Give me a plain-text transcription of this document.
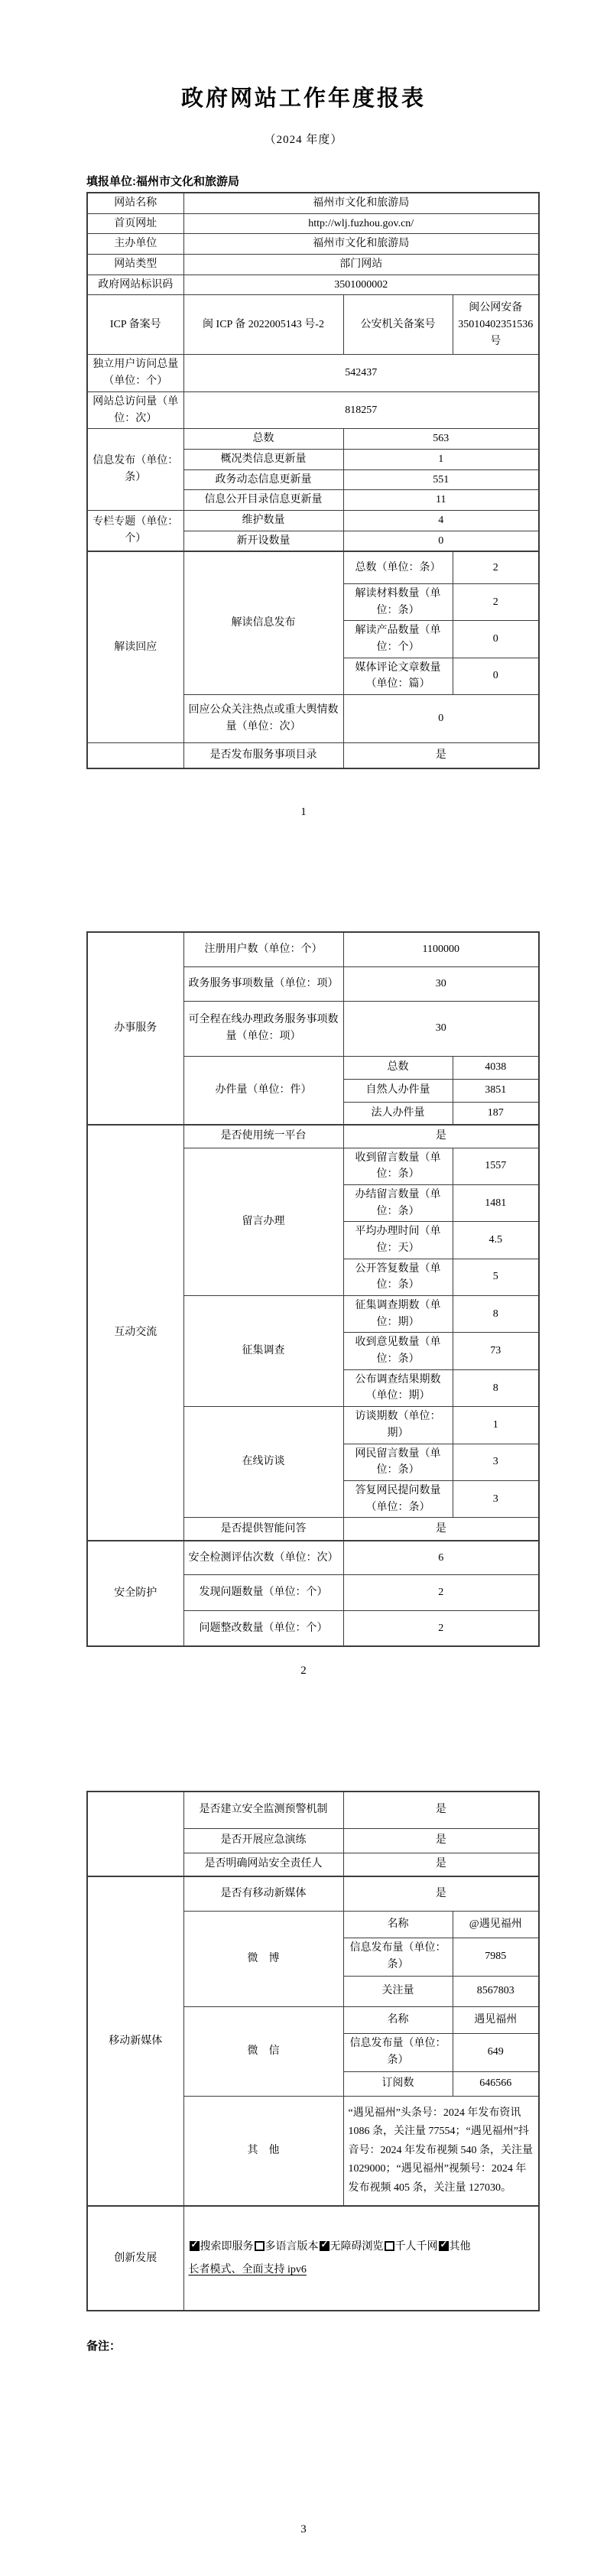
政府网站工作年度报表
（2024 年度）
填报单位:福州市文化和旅游局
网站名称	福州市文化和旅游局		
首页网址	http://wlj.fuzhou.gov.cn/		
主办单位	福州市文化和旅游局		
网站类型	部门网站		
政府网站标识码	3501000002		
ICP 备案号	闽 ICP 备 2022005143 号-2	公安机关备案号	闽公网安备 35010402351536 号
独立用户访问总量（单位：个）	542437		
网站总访问量（单位：次）	818257		
信息发布（单位：条）	总数	563	
	概况类信息更新量	1	
	政务动态信息更新量	551	
	信息公开目录信息更新量	11	
专栏专题（单位：个）	维护数量	4	
	新开设数量	0	
解读回应	解读信息发布	总数（单位：条）	2
		解读材料数量（单位：条）	2
		解读产品数量（单位：个）	0
		媒体评论文章数量（单位：篇）	0
	回应公众关注热点或重大舆情数量（单位：次）	0	
	是否发布服务事项目录	是	
1
办事服务	注册用户数（单位：个）	1100000	
	政务服务事项数量（单位：项）	30	
	可全程在线办理政务服务事项数量（单位：项）	30	
	办件量（单位：件）	总数	4038
		自然人办件量	3851
		法人办件量	187
互动交流	是否使用统一平台	是	
	留言办理	收到留言数量（单位：条）	1557
		办结留言数量（单位：条）	1481
		平均办理时间（单位：天）	4.5
		公开答复数量（单位：条）	5
	征集调查	征集调查期数（单位：期）	8
		收到意见数量（单位：条）	73
		公布调查结果期数（单位：期）	8
	在线访谈	访谈期数（单位：期）	1
		网民留言数量（单位：条）	3
		答复网民提问数量（单位：条）	3
	是否提供智能问答	是	
安全防护	安全检测评估次数（单位：次）	6	
	发现问题数量（单位：个）	2	
	问题整改数量（单位：个）	2	
2
	是否建立安全监测预警机制	是	
	是否开展应急演练	是	
	是否明确网站安全责任人	是	
移动新媒体	是否有移动新媒体	是	
	微　博	名称	@遇见福州
		信息发布量（单位：条）	7985
		关注量	8567803
	微　信	名称	遇见福州
		信息发布量（单位：条）	649
		订阅数	646566
	其　他	“遇见福州”头条号：2024 年发布资讯 1086 条，关注量 77554；“遇见福州”抖音号：2024 年发布视频 540 条，关注量 1029000；“遇见福州”视频号：2024 年发布视频 405 条，关注量 127030。	
创新发展	✓搜索即服务 多语言版本 ✓ 无障碍浏览 千人千网 ✓ 其他
长者模式、全面支持 ipv6
备注：
3
